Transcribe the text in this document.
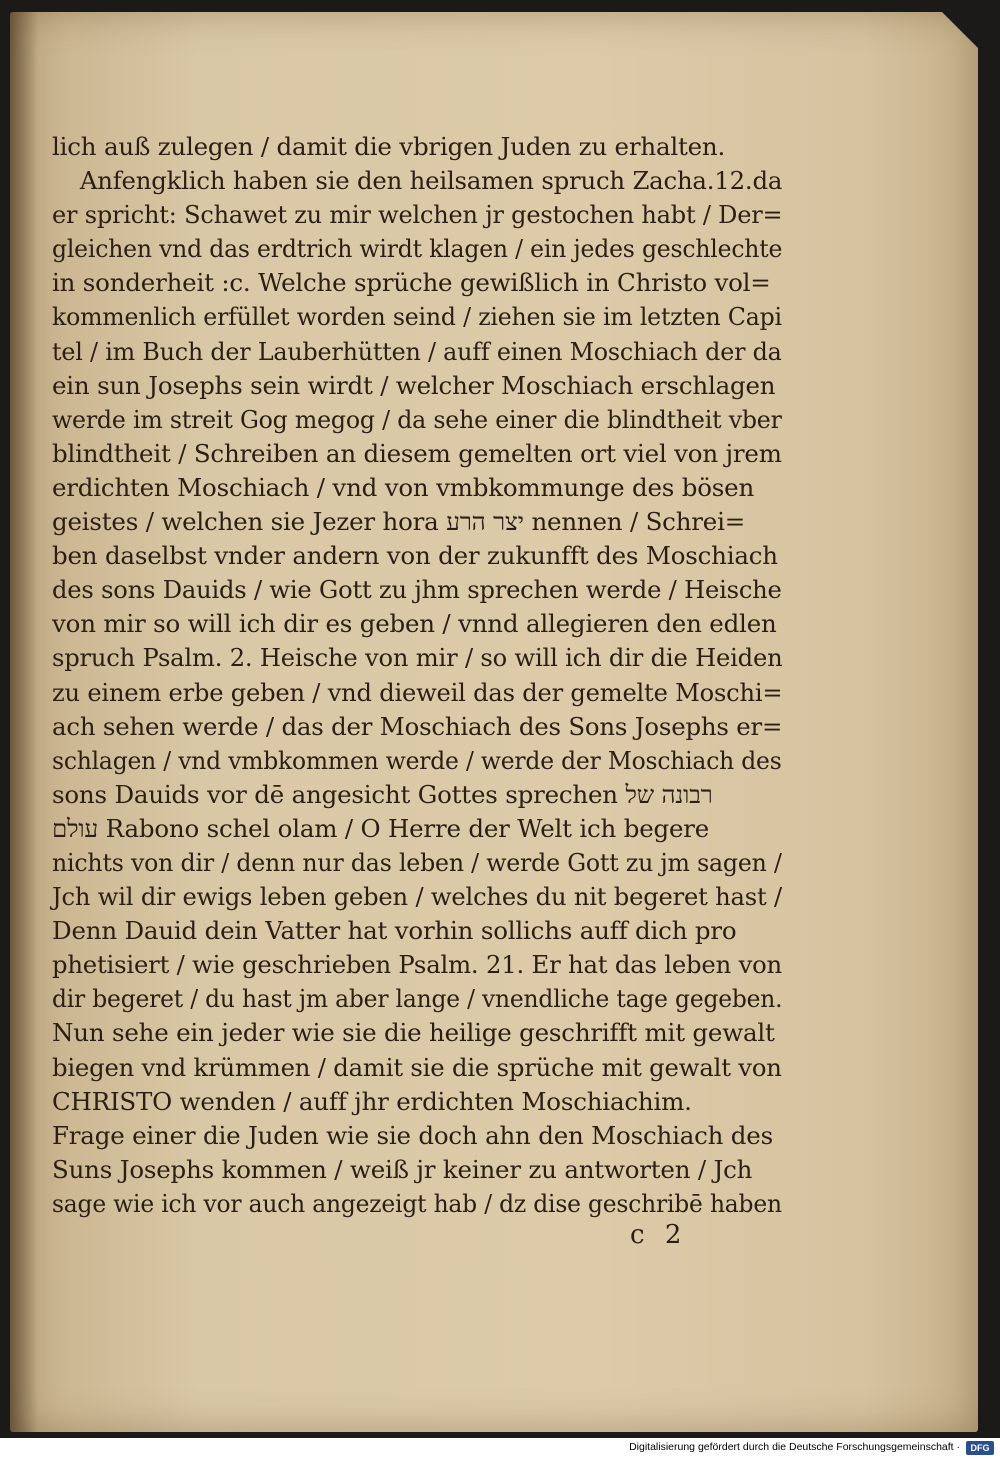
lich auß zulegen / damit die vbrigen Juden zu erhalten.
Anfengklich haben sie den heilsamen spruch Zacha.12.da
er spricht: Schawet zu mir welchen jr gestochen habt / Der=
gleichen vnd das erdtrich wirdt klagen / ein jedes geschlechte
in sonderheit :c. Welche sprüche gewißlich in Christo vol=
kommenlich erfüllet worden seind / ziehen sie im letzten Capi
tel / im Buch der Lauberhütten / auff einen Moschiach der da
ein sun Josephs sein wirdt / welcher Moschiach erschlagen
werde im streit Gog megog / da sehe einer die blindtheit vber
blindtheit / Schreiben an diesem gemelten ort viel von jrem
erdichten Moschiach / vnd von vmbkommunge des bösen
geistes / welchen sie Jezer hora יצר הרע nennen / Schrei=
ben daselbst vnder andern von der zukunfft des Moschiach
des sons Dauids / wie Gott zu jhm sprechen werde / Heische
von mir so will ich dir es geben / vnnd allegieren den edlen
spruch Psalm. 2. Heische von mir / so will ich dir die Heiden
zu einem erbe geben / vnd dieweil das der gemelte Moschi=
ach sehen werde / das der Moschiach des Sons Josephs er=
schlagen / vnd vmbkommen werde / werde der Moschiach des
sons Dauids vor dē angesicht Gottes sprechen רבונה של
עולם Rabono schel olam / O Herre der Welt ich begere
nichts von dir / denn nur das leben / werde Gott zu jm sagen /
Jch wil dir ewigs leben geben / welches du nit begeret hast /
Denn Dauid dein Vatter hat vorhin sollichs auff dich pro
phetisiert / wie geschrieben Psalm. 21. Er hat das leben von
dir begeret / du hast jm aber lange / vnendliche tage gegeben.
Nun sehe ein jeder wie sie die heilige geschrifft mit gewalt
biegen vnd krümmen / damit sie die sprüche mit gewalt von
CHRISTO wenden / auff jhr erdichten Moschiachim.
Frage einer die Juden wie sie doch ahn den Moschiach des
Suns Josephs kommen / weiß jr keiner zu antworten / Jch
sage wie ich vor auch angezeigt hab / dz dise geschribē haben
c 2
Digitalisierung gefördert durch die Deutsche Forschungsgemeinschaft ·	DFG
